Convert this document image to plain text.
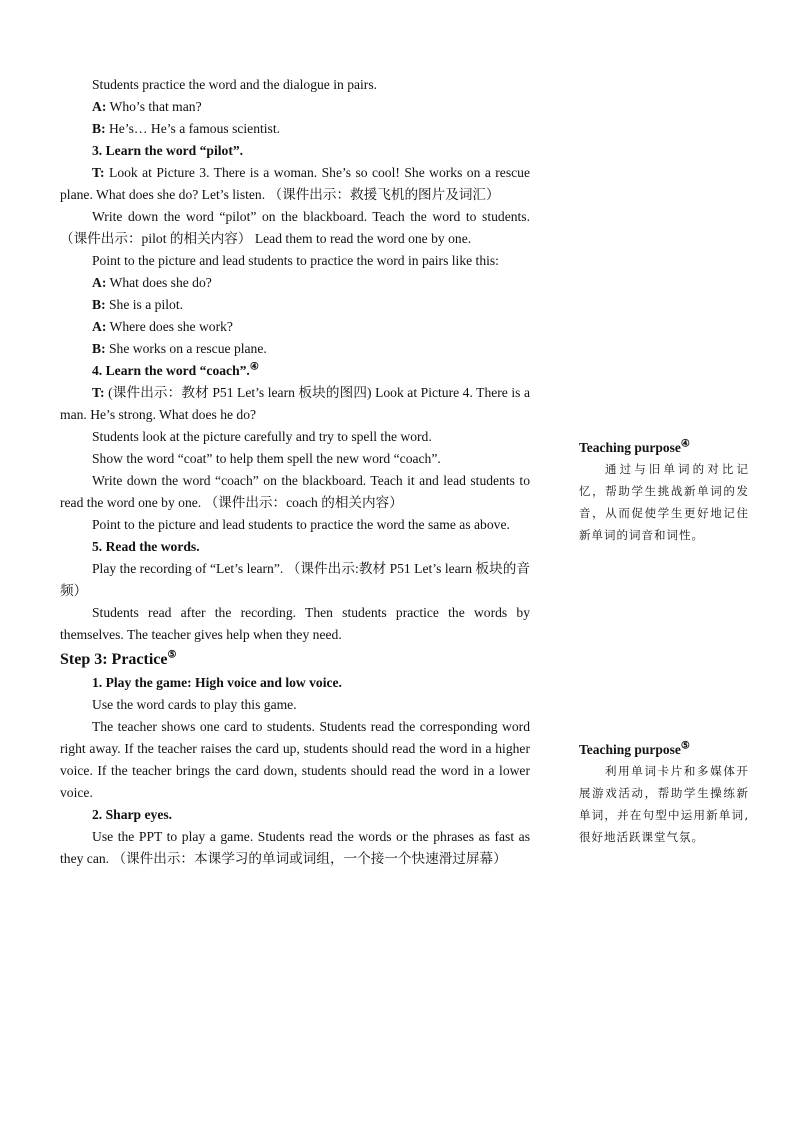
Students practice the word and the dialogue in pairs.

A: Who’s that man?

B: He’s… He’s a famous scientist.

3. Learn the word “pilot”.

T: Look at Picture 3. There is a woman. She’s so cool! She works on a rescue plane. What does she do? Let’s listen. （课件出示：救援飞机的图片及词汇）

Write down the word “pilot” on the blackboard. Teach the word to students. （课件出示：pilot 的相关内容） Lead them to read the word one by one.

Point to the picture and lead students to practice the word in pairs like this:

A: What does she do?

B: She is a pilot.

A: Where does she work?

B: She works on a rescue plane.

4. Learn the word “coach”.④

T: (课件出示：教材 P51 Let’s learn 板块的图四) Look at Picture 4. There is a man. He’s strong. What does he do?

Students look at the picture carefully and try to spell the word.

Show the word “coat” to help them spell the new word “coach”.

Write down the word “coach” on the blackboard. Teach it and lead students to read the word one by one. （课件出示：coach 的相关内容）

Point to the picture and lead students to practice the word the same as above.

5. Read the words.

Play the recording of “Let’s learn”. （课件出示:教材 P51 Let’s learn 板块的音频）

Students read after the recording. Then students practice the words by themselves. The teacher gives help when they need.

Step 3: Practice⑤

1. Play the game: High voice and low voice.

Use the word cards to play this game.

The teacher shows one card to students. Students read the corresponding word right away. If the teacher raises the card up, students should read the word in a higher voice. If the teacher brings the card down, students should read the word in a lower voice.

2. Sharp eyes.

Use the PPT to play a game. Students read the words or the phrases as fast as they can. （课件出示：本课学习的单词或词组，一个接一个快速滑过屏幕）

Teaching purpose④

通过与旧单词的对比记忆，帮助学生挑战新单词的发音，从而促使学生更好地记住新单词的词音和词性。

Teaching purpose⑤

利用单词卡片和多媒体开展游戏活动，帮助学生操练新单词，并在句型中运用新单词,很好地活跃课堂气氛。
